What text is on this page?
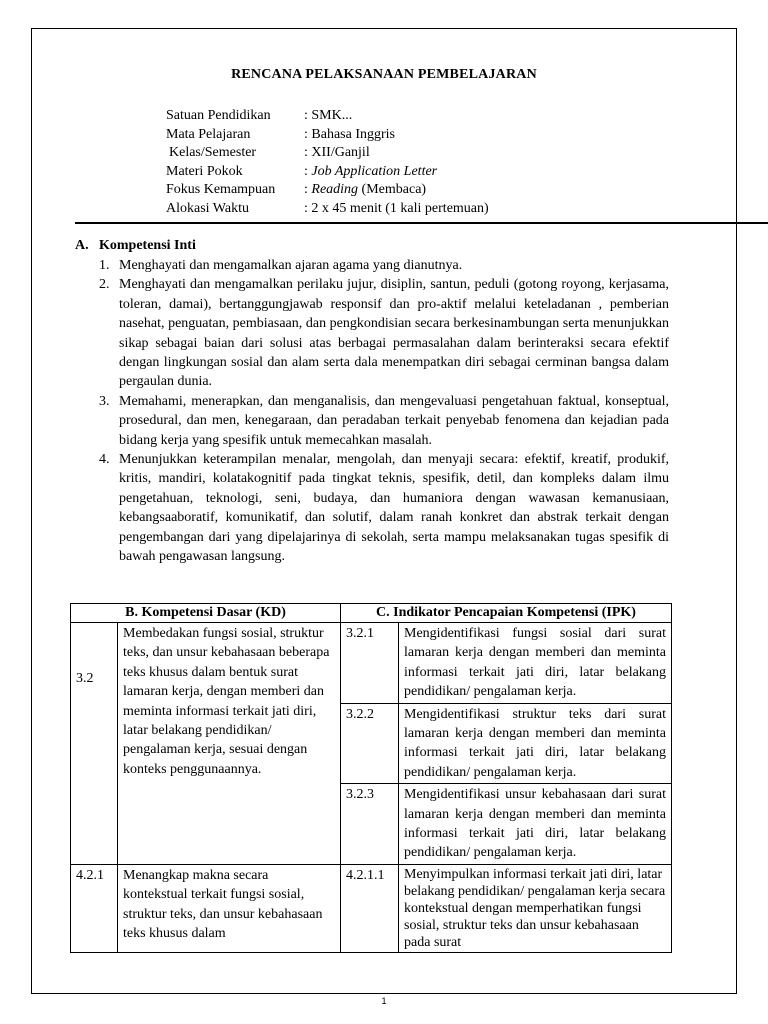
RENCANA PELAKSANAAN PEMBELAJARAN
Satuan Pendidikan	: SMK...
Mata Pelajaran	: Bahasa Inggris
Kelas/Semester	: XII/Ganjil
Materi Pokok	: Job Application Letter
Fokus Kemampuan	: Reading (Membaca)
Alokasi Waktu	: 2 x 45 menit (1 kali pertemuan)
A. Kompetensi Inti
1. Menghayati dan mengamalkan ajaran agama yang dianutnya.
2. Menghayati dan mengamalkan perilaku jujur, disiplin, santun, peduli (gotong royong, kerjasama, toleran, damai), bertanggungjawab responsif dan pro-aktif melalui keteladanan , pemberian nasehat, penguatan, pembiasaan, dan pengkondisian secara berkesinambungan serta menunjukkan sikap sebagai baian dari solusi atas berbagai permasalahan dalam berinteraksi secara efektif dengan lingkungan sosial dan alam serta dala menempatkan diri sebagai cerminan bangsa dalam pergaulan dunia.
3. Memahami, menerapkan, dan menganalisis, dan mengevaluasi pengetahuan faktual, konseptual, prosedural, dan men, kenegaraan, dan peradaban terkait penyebab fenomena dan kejadian pada bidang kerja yang spesifik untuk memecahkan masalah.
4. Menunjukkan keterampilan menalar, mengolah, dan menyaji secara: efektif, kreatif, produkif, kritis, mandiri, kolatakognitif pada tingkat teknis, spesifik, detil, dan kompleks dalam ilmu pengetahuan, teknologi, seni, budaya, dan humaniora dengan wawasan kemanusiaan, kebangsaaboratif, komunikatif, dan solutif, dalam ranah konkret dan abstrak terkait dengan pengembangan dari yang dipelajarinya di sekolah, serta mampu melaksanakan tugas spesifik di bawah pengawasan langsung.
B. Kompetensi Dasar (KD)		C. Indikator Pencapaian Kompetensi (IPK)	
3.2	Membedakan fungsi sosial, struktur teks, dan unsur kebahasaan beberapa teks khusus dalam bentuk surat lamaran kerja, dengan memberi dan meminta informasi terkait jati diri, latar belakang pendidikan/ pengalaman kerja, sesuai dengan konteks penggunaannya.	3.2.1	Mengidentifikasi fungsi sosial dari surat lamaran kerja dengan memberi dan meminta informasi terkait jati diri, latar belakang pendidikan/ pengalaman kerja.
		3.2.2	Mengidentifikasi struktur teks dari surat lamaran kerja dengan memberi dan meminta informasi terkait jati diri, latar belakang pendidikan/ pengalaman kerja.
		3.2.3	Mengidentifikasi unsur kebahasaan dari surat lamaran kerja dengan memberi dan meminta informasi terkait jati diri, latar belakang pendidikan/ pengalaman kerja.
4.2.1	Menangkap makna secara kontekstual terkait fungsi sosial, struktur teks, dan unsur kebahasaan teks khusus dalam	4.2.1.1	Menyimpulkan informasi terkait jati diri, latar belakang pendidikan/ pengalaman kerja secara kontekstual dengan memperhatikan fungsi sosial, struktur teks dan unsur kebahasaan pada surat
1
